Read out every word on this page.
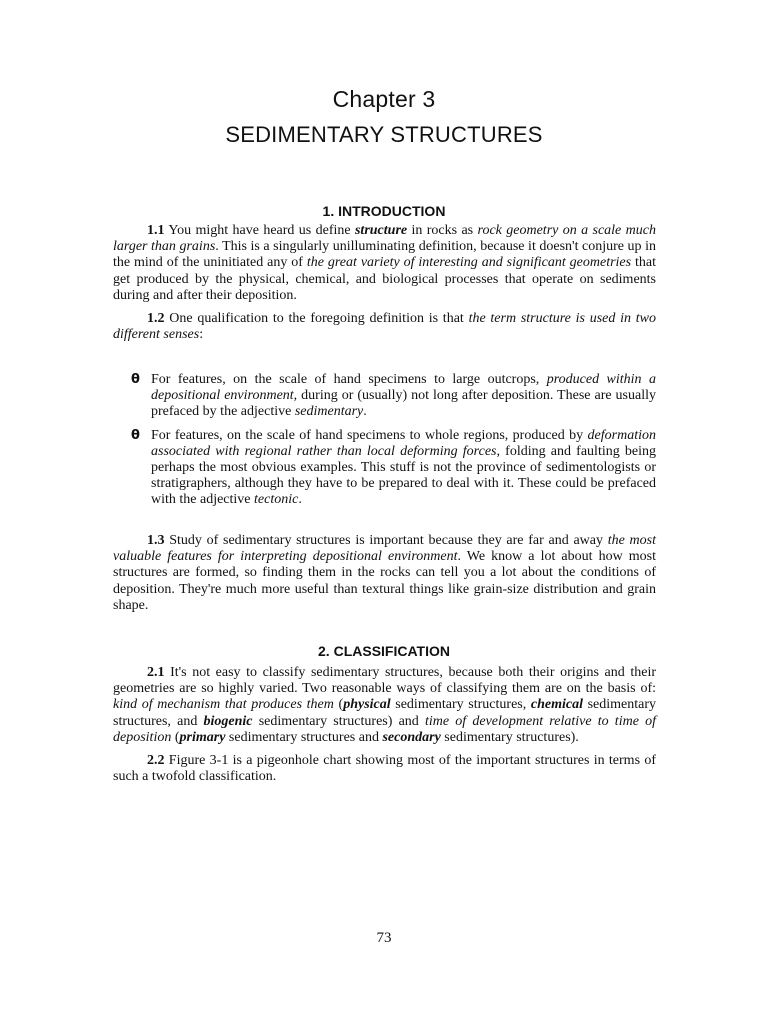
Chapter 3
SEDIMENTARY STRUCTURES
1. INTRODUCTION

1.1 You might have heard us define structure in rocks as rock geometry on a scale much larger than grains. This is a singularly unilluminating definition, because it doesn't conjure up in the mind of the uninitiated any of the great variety of interesting and significant geometries that get produced by the physical, chemical, and biological processes that operate on sediments during and after their deposition.

1.2 One qualification to the foregoing definition is that the term structure is used in two different senses:

θ For features, on the scale of hand specimens to large outcrops, produced within a depositional environment, during or (usually) not long after deposition. These are usually prefaced by the adjective sedimentary.

θ For features, on the scale of hand specimens to whole regions, produced by deformation associated with regional rather than local deforming forces, folding and faulting being perhaps the most obvious examples. This stuff is not the province of sedimentologists or stratigraphers, although they have to be prepared to deal with it. These could be prefaced with the adjective tectonic.

1.3 Study of sedimentary structures is important because they are far and away the most valuable features for interpreting depositional environment. We know a lot about how most structures are formed, so finding them in the rocks can tell you a lot about the conditions of deposition. They're much more useful than textural things like grain-size distribution and grain shape.

2. CLASSIFICATION

2.1 It's not easy to classify sedimentary structures, because both their origins and their geometries are so highly varied. Two reasonable ways of classifying them are on the basis of: kind of mechanism that produces them (physical sedimentary structures, chemical sedimentary structures, and biogenic sedimentary structures) and time of development relative to time of deposition (primary sedimentary structures and secondary sedimentary structures).

2.2 Figure 3-1 is a pigeonhole chart showing most of the important structures in terms of such a twofold classification.

73
